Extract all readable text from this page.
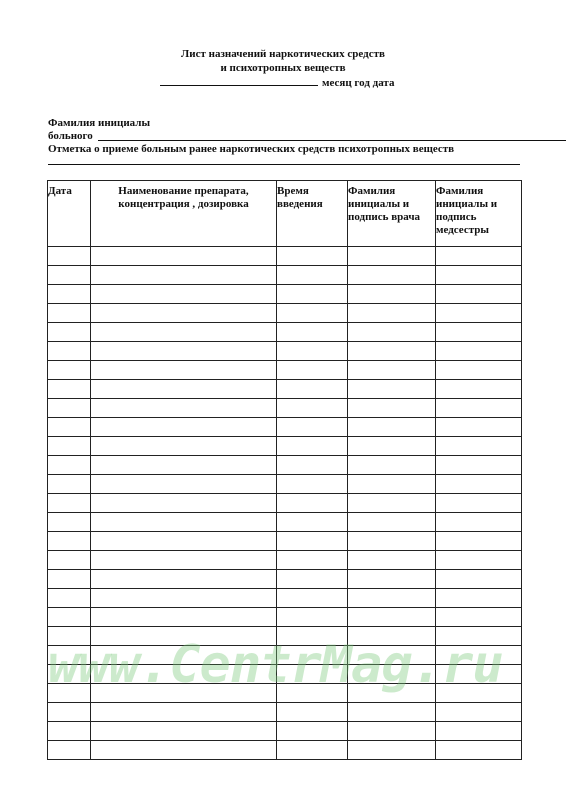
Лист назначений наркотических средств
и психотропных веществ
месяц год дата
Фамилия инициалы
больного
Отметка о приеме больным ранее наркотических средств психотропных веществ
Дата	Наименование препарата, концентрация , дозировка	Время введения	Фамилия инициалы и подпись врача	Фамилия инициалы и подпись медсестры

www.CentrMag.ru
